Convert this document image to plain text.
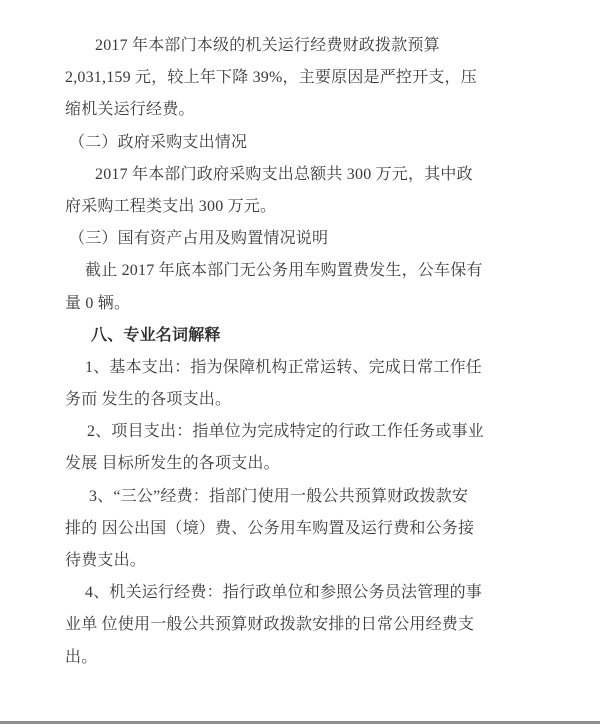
2017 年本部门本级的机关运行经费财政拨款预算
2,031,159 元，较上年下降 39%，主要原因是严控开支，压
缩机关运行经费。
（二）政府采购支出情况
2017 年本部门政府采购支出总额共 300 万元，其中政
府采购工程类支出 300 万元。
（三）国有资产占用及购置情况说明
截止 2017 年底本部门无公务用车购置费发生，公车保有
量 0 辆。
八、专业名词解释
1、基本支出：指为保障机构正常运转、完成日常工作任
务而 发生的各项支出。
2、项目支出：指单位为完成特定的行政工作任务或事业
发展 目标所发生的各项支出。
3、“三公”经费：指部门使用一般公共预算财政拨款安
排的 因公出国（境）费、公务用车购置及运行费和公务接
待费支出。
4、机关运行经费：指行政单位和参照公务员法管理的事
业单 位使用一般公共预算财政拨款安排的日常公用经费支
出。
